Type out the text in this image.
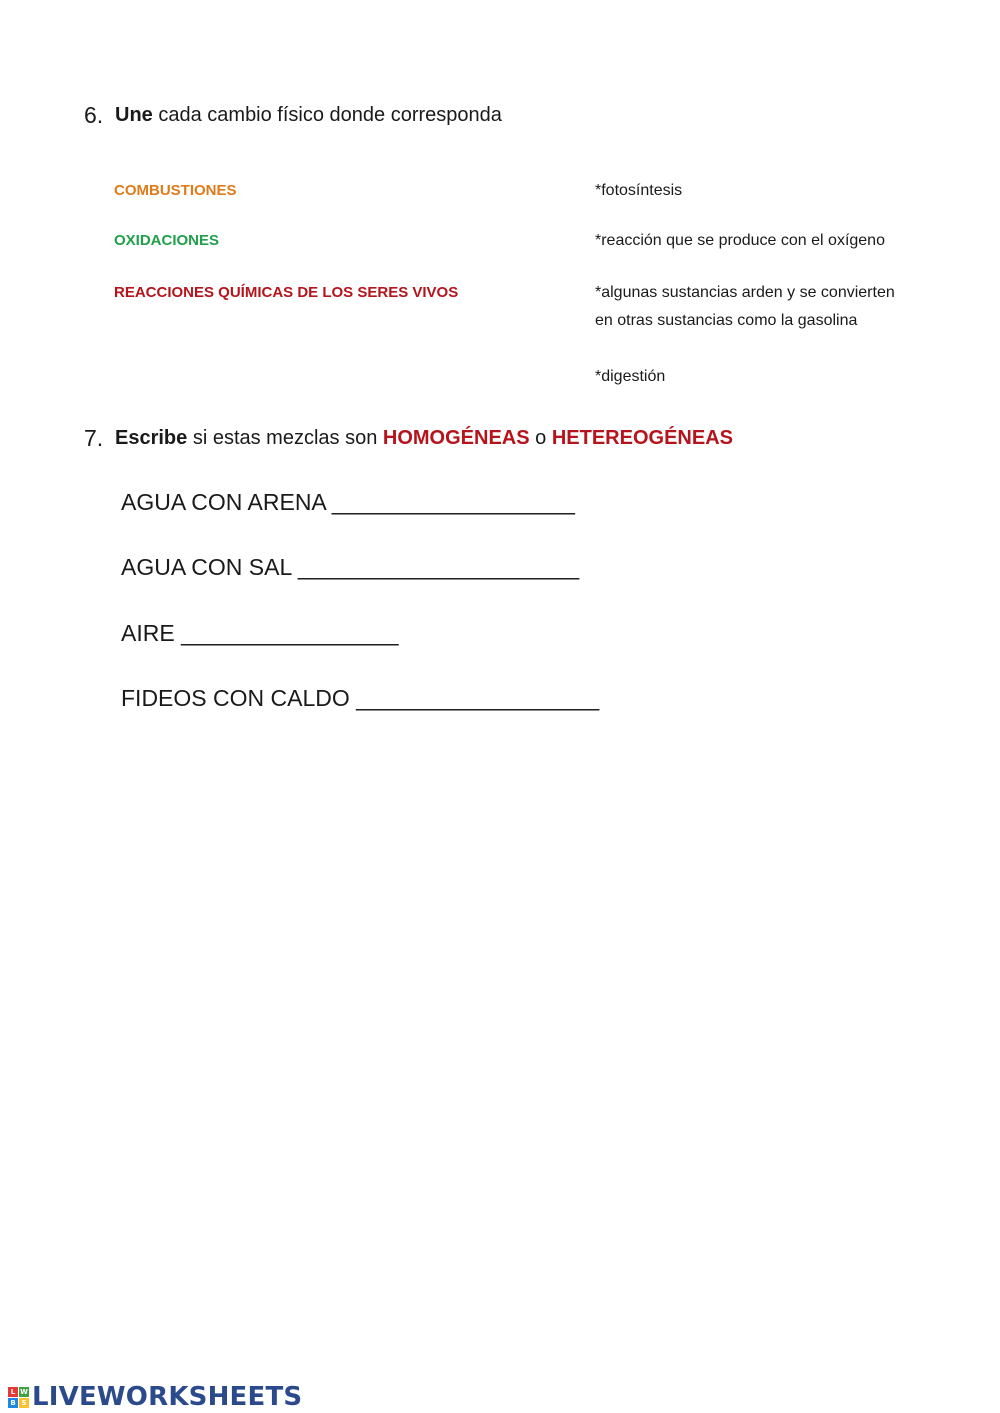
6. Une cada cambio físico donde corresponda
COMBUSTIONES
OXIDACIONES
REACCIONES QUÍMICAS DE LOS SERES VIVOS
*fotosíntesis
*reacción que se produce con el oxígeno
*algunas sustancias arden y se convierten
en otras sustancias como la gasolina
*digestión
7. Escribe si estas mezclas son HOMOGÉNEAS o HETEREOGÉNEAS
AGUA CON ARENA ___________________
AGUA CON SAL ______________________
AIRE _________________
FIDEOS CON CALDO ___________________
L W
B S LIVEWORKSHEETS
